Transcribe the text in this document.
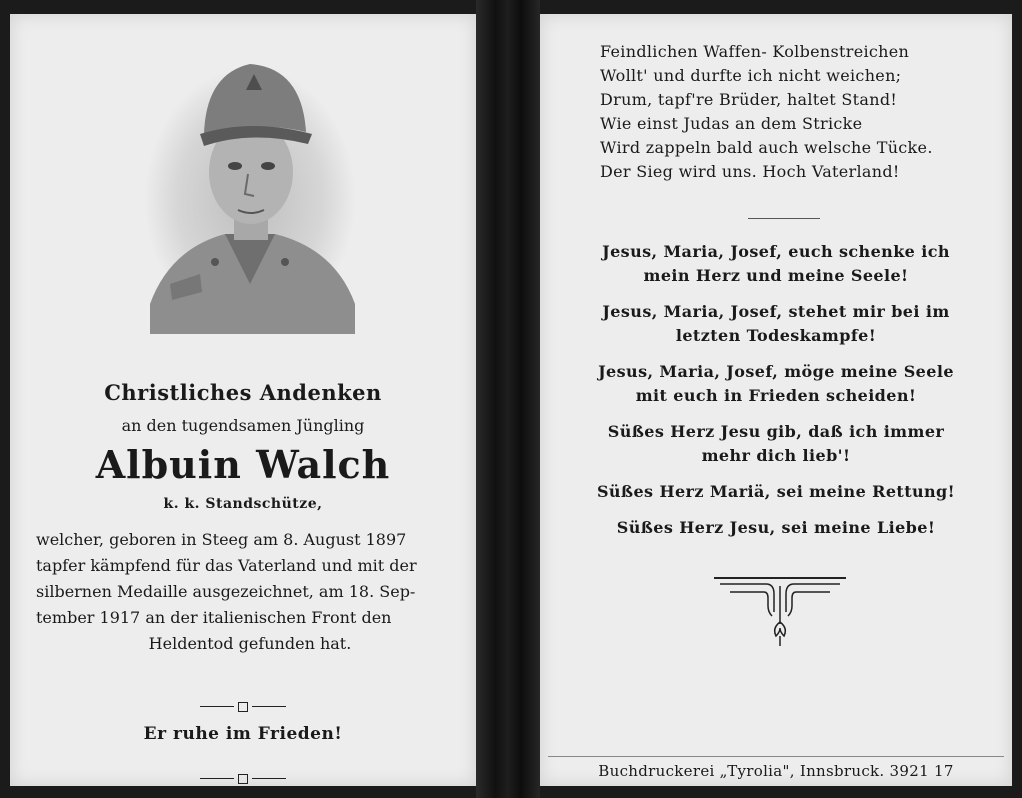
Christliches Andenken
an den tugendsamen Jüngling
Albuin Walch
k. k. Standschütze,
welcher, geboren in Steeg am 8. August 1897
tapfer kämpfend für das Vaterland und mit der
silbernen Medaille ausgezeichnet, am 18. Sep-
tember 1917 an der italienischen Front den
Heldentod gefunden hat.
Er ruhe im Frieden!
Feindlichen Waffen- Kolbenstreichen
Wollt' und durfte ich nicht weichen;
Drum, tapf're Brüder, haltet Stand!
Wie einst Judas an dem Stricke
Wird zappeln bald auch welsche Tücke.
Der Sieg wird uns. Hoch Vaterland!
Jesus, Maria, Josef, euch schenke ich
mein Herz und meine Seele!
Jesus, Maria, Josef, stehet mir bei im
letzten Todeskampfe!
Jesus, Maria, Josef, möge meine Seele
mit euch in Frieden scheiden!
Süßes Herz Jesu gib, daß ich immer
mehr dich lieb'!
Süßes Herz Mariä, sei meine Rettung!
Süßes Herz Jesu, sei meine Liebe!
Buchdruckerei „Tyrolia", Innsbruck. 3921 17
